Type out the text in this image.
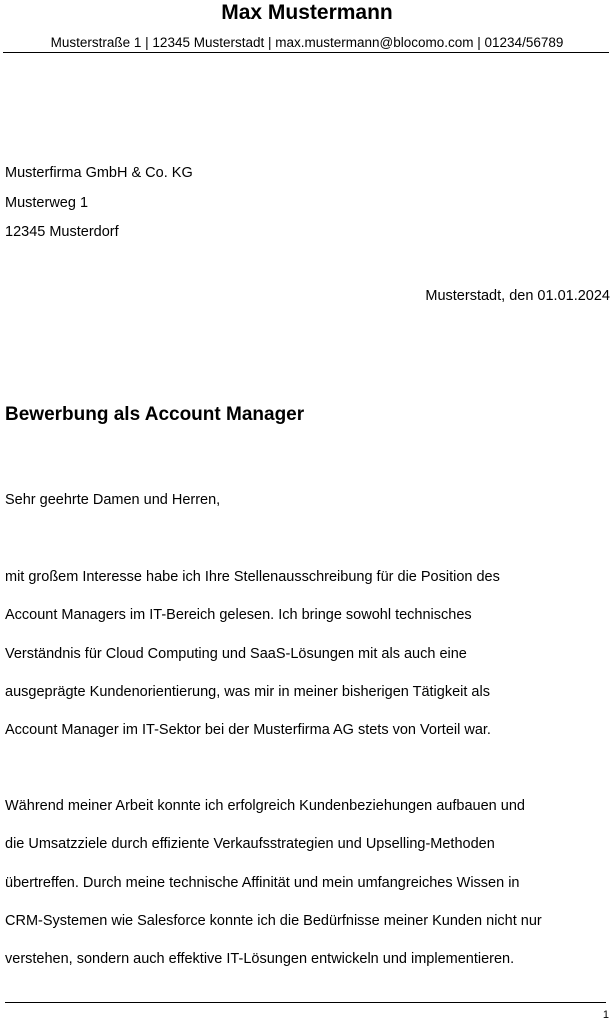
Max Mustermann
Musterstraße 1 | 12345 Musterstadt | max.mustermann@blocomo.com | 01234/56789
Musterfirma GmbH & Co. KG
Musterweg 1
12345 Musterdorf
Musterstadt, den 01.01.2024
Bewerbung als Account Manager
Sehr geehrte Damen und Herren,
mit großem Interesse habe ich Ihre Stellenausschreibung für die Position des
Account Managers im IT-Bereich gelesen. Ich bringe sowohl technisches
Verständnis für Cloud Computing und SaaS-Lösungen mit als auch eine
ausgeprägte Kundenorientierung, was mir in meiner bisherigen Tätigkeit als
Account Manager im IT-Sektor bei der Musterfirma AG stets von Vorteil war.
Während meiner Arbeit konnte ich erfolgreich Kundenbeziehungen aufbauen und
die Umsatzziele durch effiziente Verkaufsstrategien und Upselling-Methoden
übertreffen. Durch meine technische Affinität und mein umfangreiches Wissen in
CRM-Systemen wie Salesforce konnte ich die Bedürfnisse meiner Kunden nicht nur
verstehen, sondern auch effektive IT-Lösungen entwickeln und implementieren.
1
